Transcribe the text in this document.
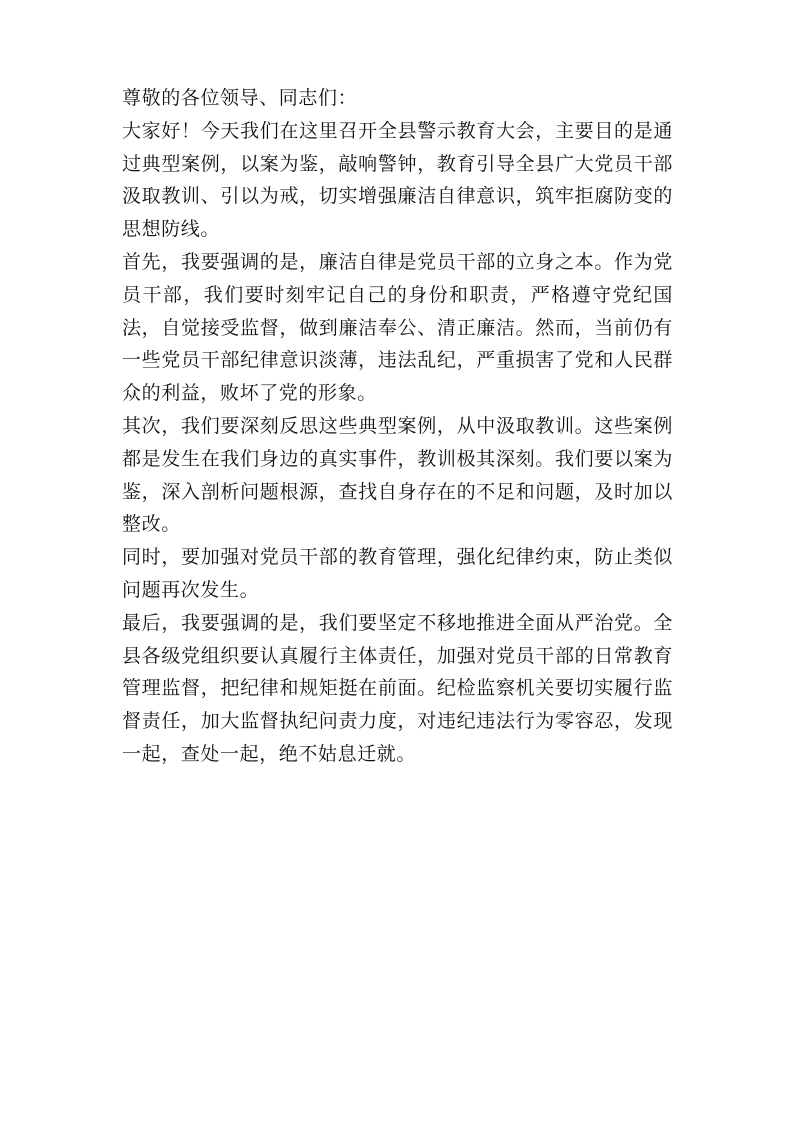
尊敬的各位领导、同志们：

大家好！今天我们在这里召开全县警示教育大会，主要目的是通过典型案例，以案为鉴，敲响警钟，教育引导全县广大党员干部汲取教训、引以为戒，切实增强廉洁自律意识，筑牢拒腐防变的思想防线。

首先，我要强调的是，廉洁自律是党员干部的立身之本。作为党员干部，我们要时刻牢记自己的身份和职责，严格遵守党纪国法，自觉接受监督，做到廉洁奉公、清正廉洁。然而，当前仍有一些党员干部纪律意识淡薄，违法乱纪，严重损害了党和人民群众的利益，败坏了党的形象。

其次，我们要深刻反思这些典型案例，从中汲取教训。这些案例都是发生在我们身边的真实事件，教训极其深刻。我们要以案为鉴，深入剖析问题根源，查找自身存在的不足和问题，及时加以整改。

同时，要加强对党员干部的教育管理，强化纪律约束，防止类似问题再次发生。

最后，我要强调的是，我们要坚定不移地推进全面从严治党。全县各级党组织要认真履行主体责任，加强对党员干部的日常教育管理监督，把纪律和规矩挺在前面。纪检监察机关要切实履行监督责任，加大监督执纪问责力度，对违纪违法行为零容忍，发现一起，查处一起，绝不姑息迁就。
